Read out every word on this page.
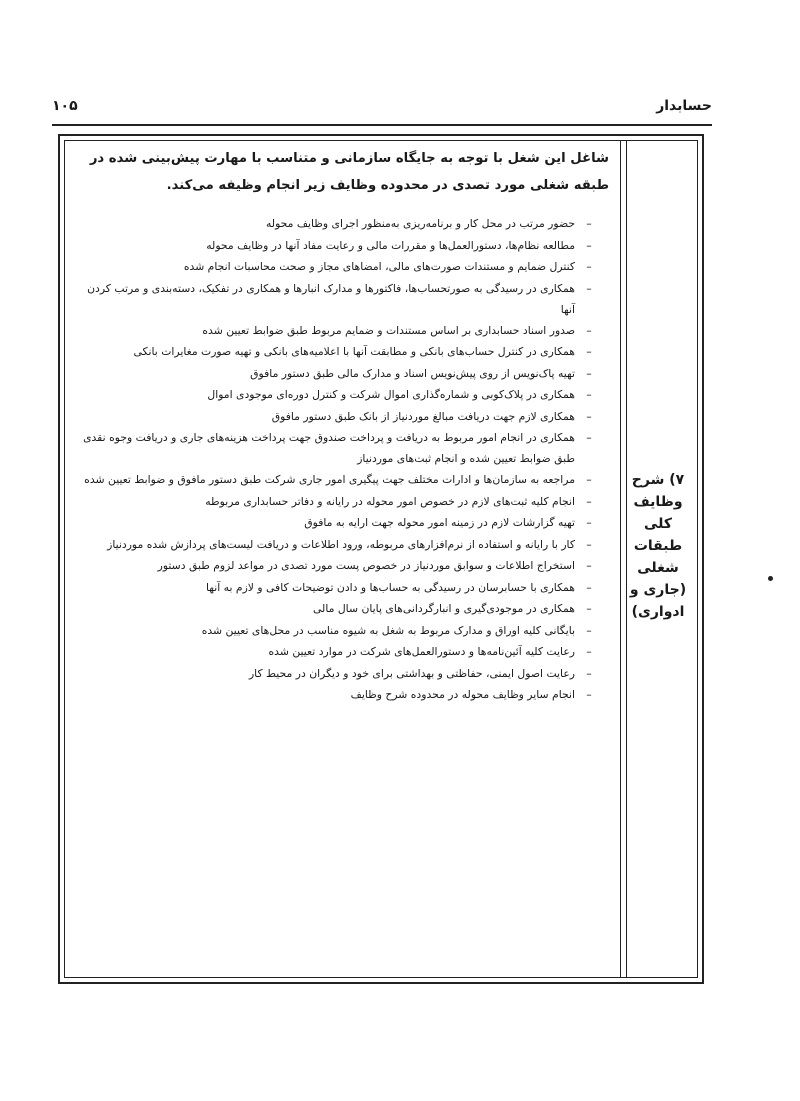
حسابدار
۱۰۵
۷) شرح
وظایف
کلی
طبقات
شغلی
(جاری و
ادواری)
شاغل این شغل با توجه به جایگاه سازمانی و متناسب با مهارت پیش‌بینی شده در طبقه شغلی مورد تصدی در محدوده وظایف زیر انجام وظیفه می‌کند.
–
حضور مرتب در محل کار و برنامه‌ریزی به‌منظور اجرای وظایف محوله
–
مطالعه نظام‌ها، دستورالعمل‌ها و مقررات مالی و رعایت مفاد آنها در وظایف محوله
–
کنترل ضمایم و مستندات صورت‌های مالی، امضاهای مجاز و صحت محاسبات انجام شده
–
همکاری در رسیدگی به صورتحساب‌ها، فاکتورها و مدارک انبارها و همکاری در تفکیک، دسته‌بندی و مرتب کردن آنها
–
صدور اسناد حسابداری بر اساس مستندات و ضمایم مربوط طبق ضوابط تعیین شده
–
همکاری در کنترل حساب‌های بانکی و مطابقت آنها با اعلامیه‌های بانکی و تهیه صورت مغایرات بانکی
–
تهیه پاک‌نویس از روی پیش‌نویس اسناد و مدارک مالی طبق دستور مافوق
–
همکاری در پلاک‌کوبی و شماره‌گذاری اموال شرکت و کنترل دوره‌ای موجودی اموال
–
همکاری لازم جهت دریافت مبالغ موردنیاز از بانک طبق دستور مافوق
–
همکاری در انجام امور مربوط به دریافت و پرداخت صندوق جهت پرداخت هزینه‌های جاری و دریافت وجوه نقدی طبق ضوابط تعیین شده و انجام ثبت‌های موردنیاز
–
مراجعه به سازمان‌ها و ادارات مختلف جهت پیگیری امور جاری شرکت طبق دستور مافوق و ضوابط تعیین شده
–
انجام کلیه ثبت‌های لازم در خصوص امور محوله در رایانه و دفاتر حسابداری مربوطه
–
تهیه گزارشات لازم در زمینه امور محوله جهت ارایه به مافوق
–
کار با رایانه و استفاده از نرم‌افزارهای مربوطه، ورود اطلاعات و دریافت لیست‌های پردازش شده موردنیاز
–
استخراج اطلاعات و سوابق موردنیاز در خصوص پست مورد تصدی در مواعد لزوم طبق دستور
–
همکاری با حسابرسان در رسیدگی به حساب‌ها و دادن توضیحات کافی و لازم به آنها
–
همکاری در موجودی‌گیری و انبارگردانی‌های پایان سال مالی
–
بایگانی کلیه اوراق و مدارک مربوط به شغل به شیوه مناسب در محل‌های تعیین شده
–
رعایت کلیه آئین‌نامه‌ها و دستورالعمل‌های شرکت در موارد تعیین شده
–
رعایت اصول ایمنی، حفاظتی و بهداشتی برای خود و دیگران در محیط کار
–
انجام سایر وظایف محوله در محدوده شرح وظایف
